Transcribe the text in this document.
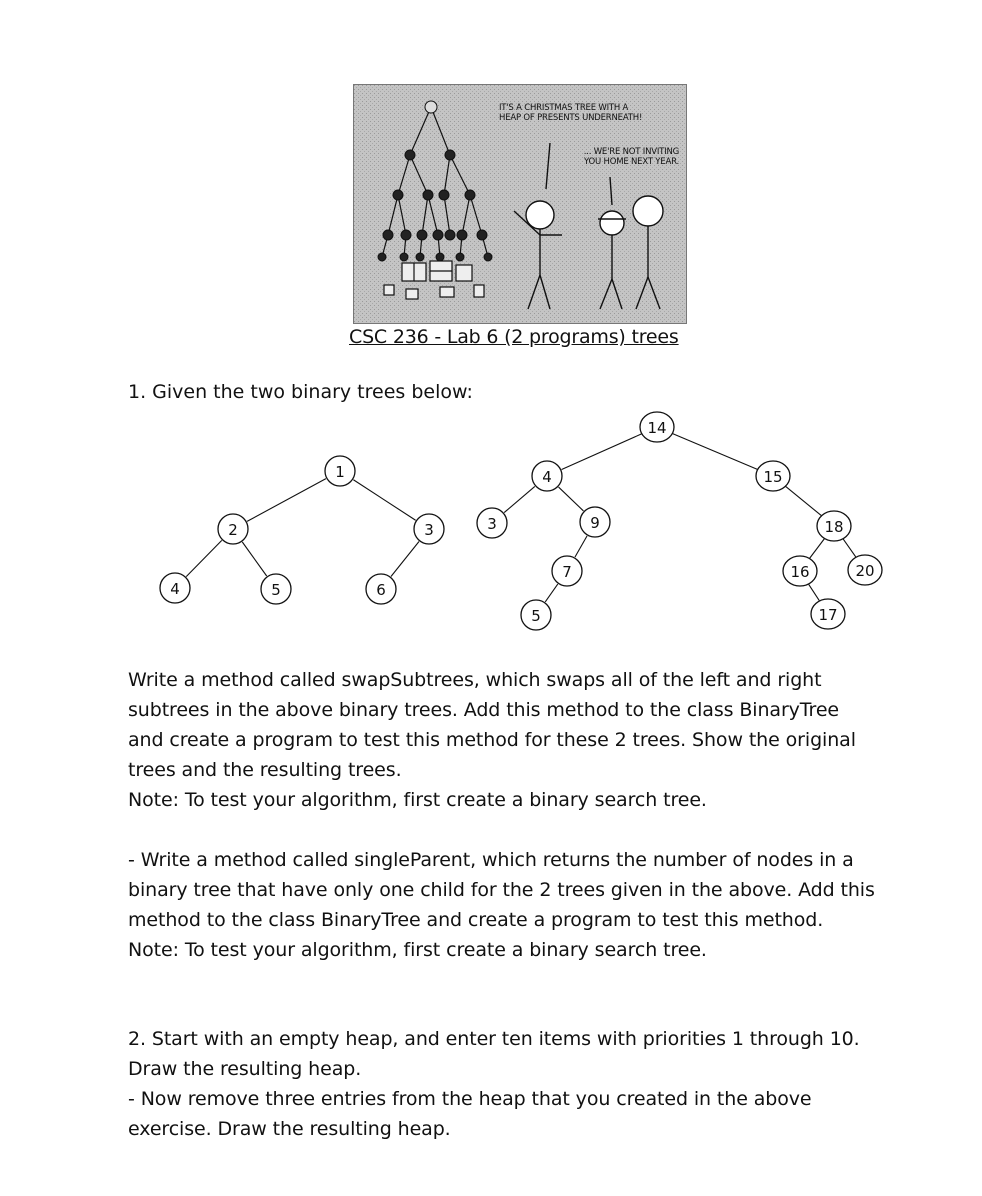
IT'S A CHRISTMAS TREE WITH A
HEAP OF PRESENTS UNDERNEATH!
... WE'RE NOT INVITING
YOU HOME NEXT YEAR.
CSC 236 - Lab 6 (2 programs) trees
1. Given the two binary trees below:
1
2	3
4	5	6
14
4	15
3	9
7
5
18
16	20
17
Write a method called swapSubtrees, which swaps all of the left and right
subtrees in the above binary trees. Add this method to the class BinaryTree
and create a program to test this method for these 2 trees. Show the original
trees and the resulting trees.
Note: To test your algorithm, first create a binary search tree.
- Write a method called singleParent, which returns the number of nodes in a
binary tree that have only one child for the 2 trees given in the above. Add this
method to the class BinaryTree and create a program to test this method.
Note: To test your algorithm, first create a binary search tree.
2. Start with an empty heap, and enter ten items with priorities 1 through 10.
Draw the resulting heap.
- Now remove three entries from the heap that you created in the above
exercise. Draw the resulting heap.
